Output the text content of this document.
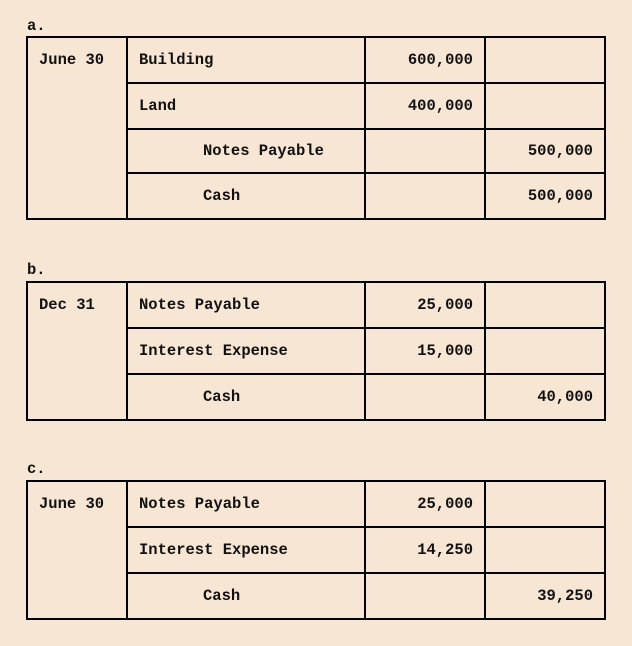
a.
June 30	Building	600,000	
	Land	400,000	
	Notes Payable		500,000
	Cash		500,000
b.
Dec 31	Notes Payable	25,000	
	Interest Expense	15,000	
	Cash		40,000
c.
June 30	Notes Payable	25,000	
	Interest Expense	14,250	
	Cash		39,250
